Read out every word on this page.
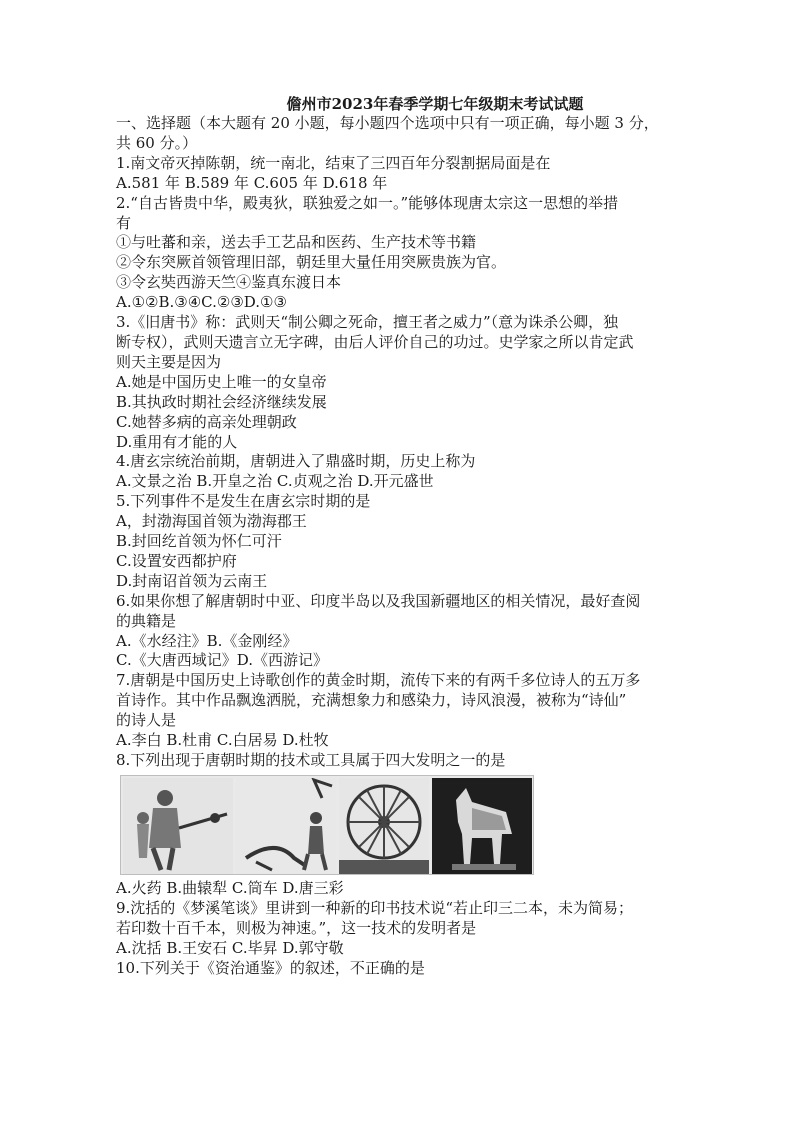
儋州市2023年春季学期七年级期末考试试题
一、选择题（本大题有 20 小题，每小题四个选项中只有一项正确，每小题 3 分，
共 60 分。）
1.南文帝灭掉陈朝，统一南北，结束了三四百年分裂割据局面是在
A.581 年 B.589 年 C.605 年 D.618 年
2.“自古皆贵中华，殿夷狄，联独爱之如一。”能够体现唐太宗这一思想的举措
有
①与吐蕃和亲，送去手工艺品和医药、生产技术等书籍
②令东突厥首领管理旧部，朝廷里大量任用突厥贵族为官。
③令玄奘西游天竺④鉴真东渡日本
A.①②B.③④C.②③D.①③
3.《旧唐书》称：武则天“制公卿之死命，擅王者之威力”（意为诛杀公卿，独
断专权），武则天遗言立无字碑，由后人评价自己的功过。史学家之所以肯定武
则天主要是因为
A.她是中国历史上唯一的女皇帝
B.其执政时期社会经济继续发展
C.她替多病的高亲处理朝政
D.重用有才能的人
4.唐玄宗统治前期，唐朝进入了鼎盛时期，历史上称为
A.文景之治 B.开皇之治 C.贞观之治 D.开元盛世
5.下列事件不是发生在唐玄宗时期的是
A，封渤海国首领为渤海郡王
B.封回纥首领为怀仁可汗
C.设置安西都护府
D.封南诏首领为云南王
6.如果你想了解唐朝时中亚、印度半岛以及我国新疆地区的相关情况，最好查阅
的典籍是
A.《水经注》B.《金刚经》
C.《大唐西域记》D.《西游记》
7.唐朝是中国历史上诗歌创作的黄金时期，流传下来的有两千多位诗人的五万多
首诗作。其中作品飘逸洒脱，充满想象力和感染力，诗风浪漫，被称为“诗仙”
的诗人是
A.李白 B.杜甫 C.白居易 D.杜牧
8.下列出现于唐朝时期的技术或工具属于四大发明之一的是
A.火药 B.曲辕犁 C.筒车 D.唐三彩
9.沈括的《梦溪笔谈》里讲到一种新的印书技术说“若止印三二本，未为简易；
若印数十百千本，则极为神速。”，这一技术的发明者是
A.沈括 B.王安石 C.毕昇 D.郭守敬
10.下列关于《资治通鉴》的叙述，不正确的是
